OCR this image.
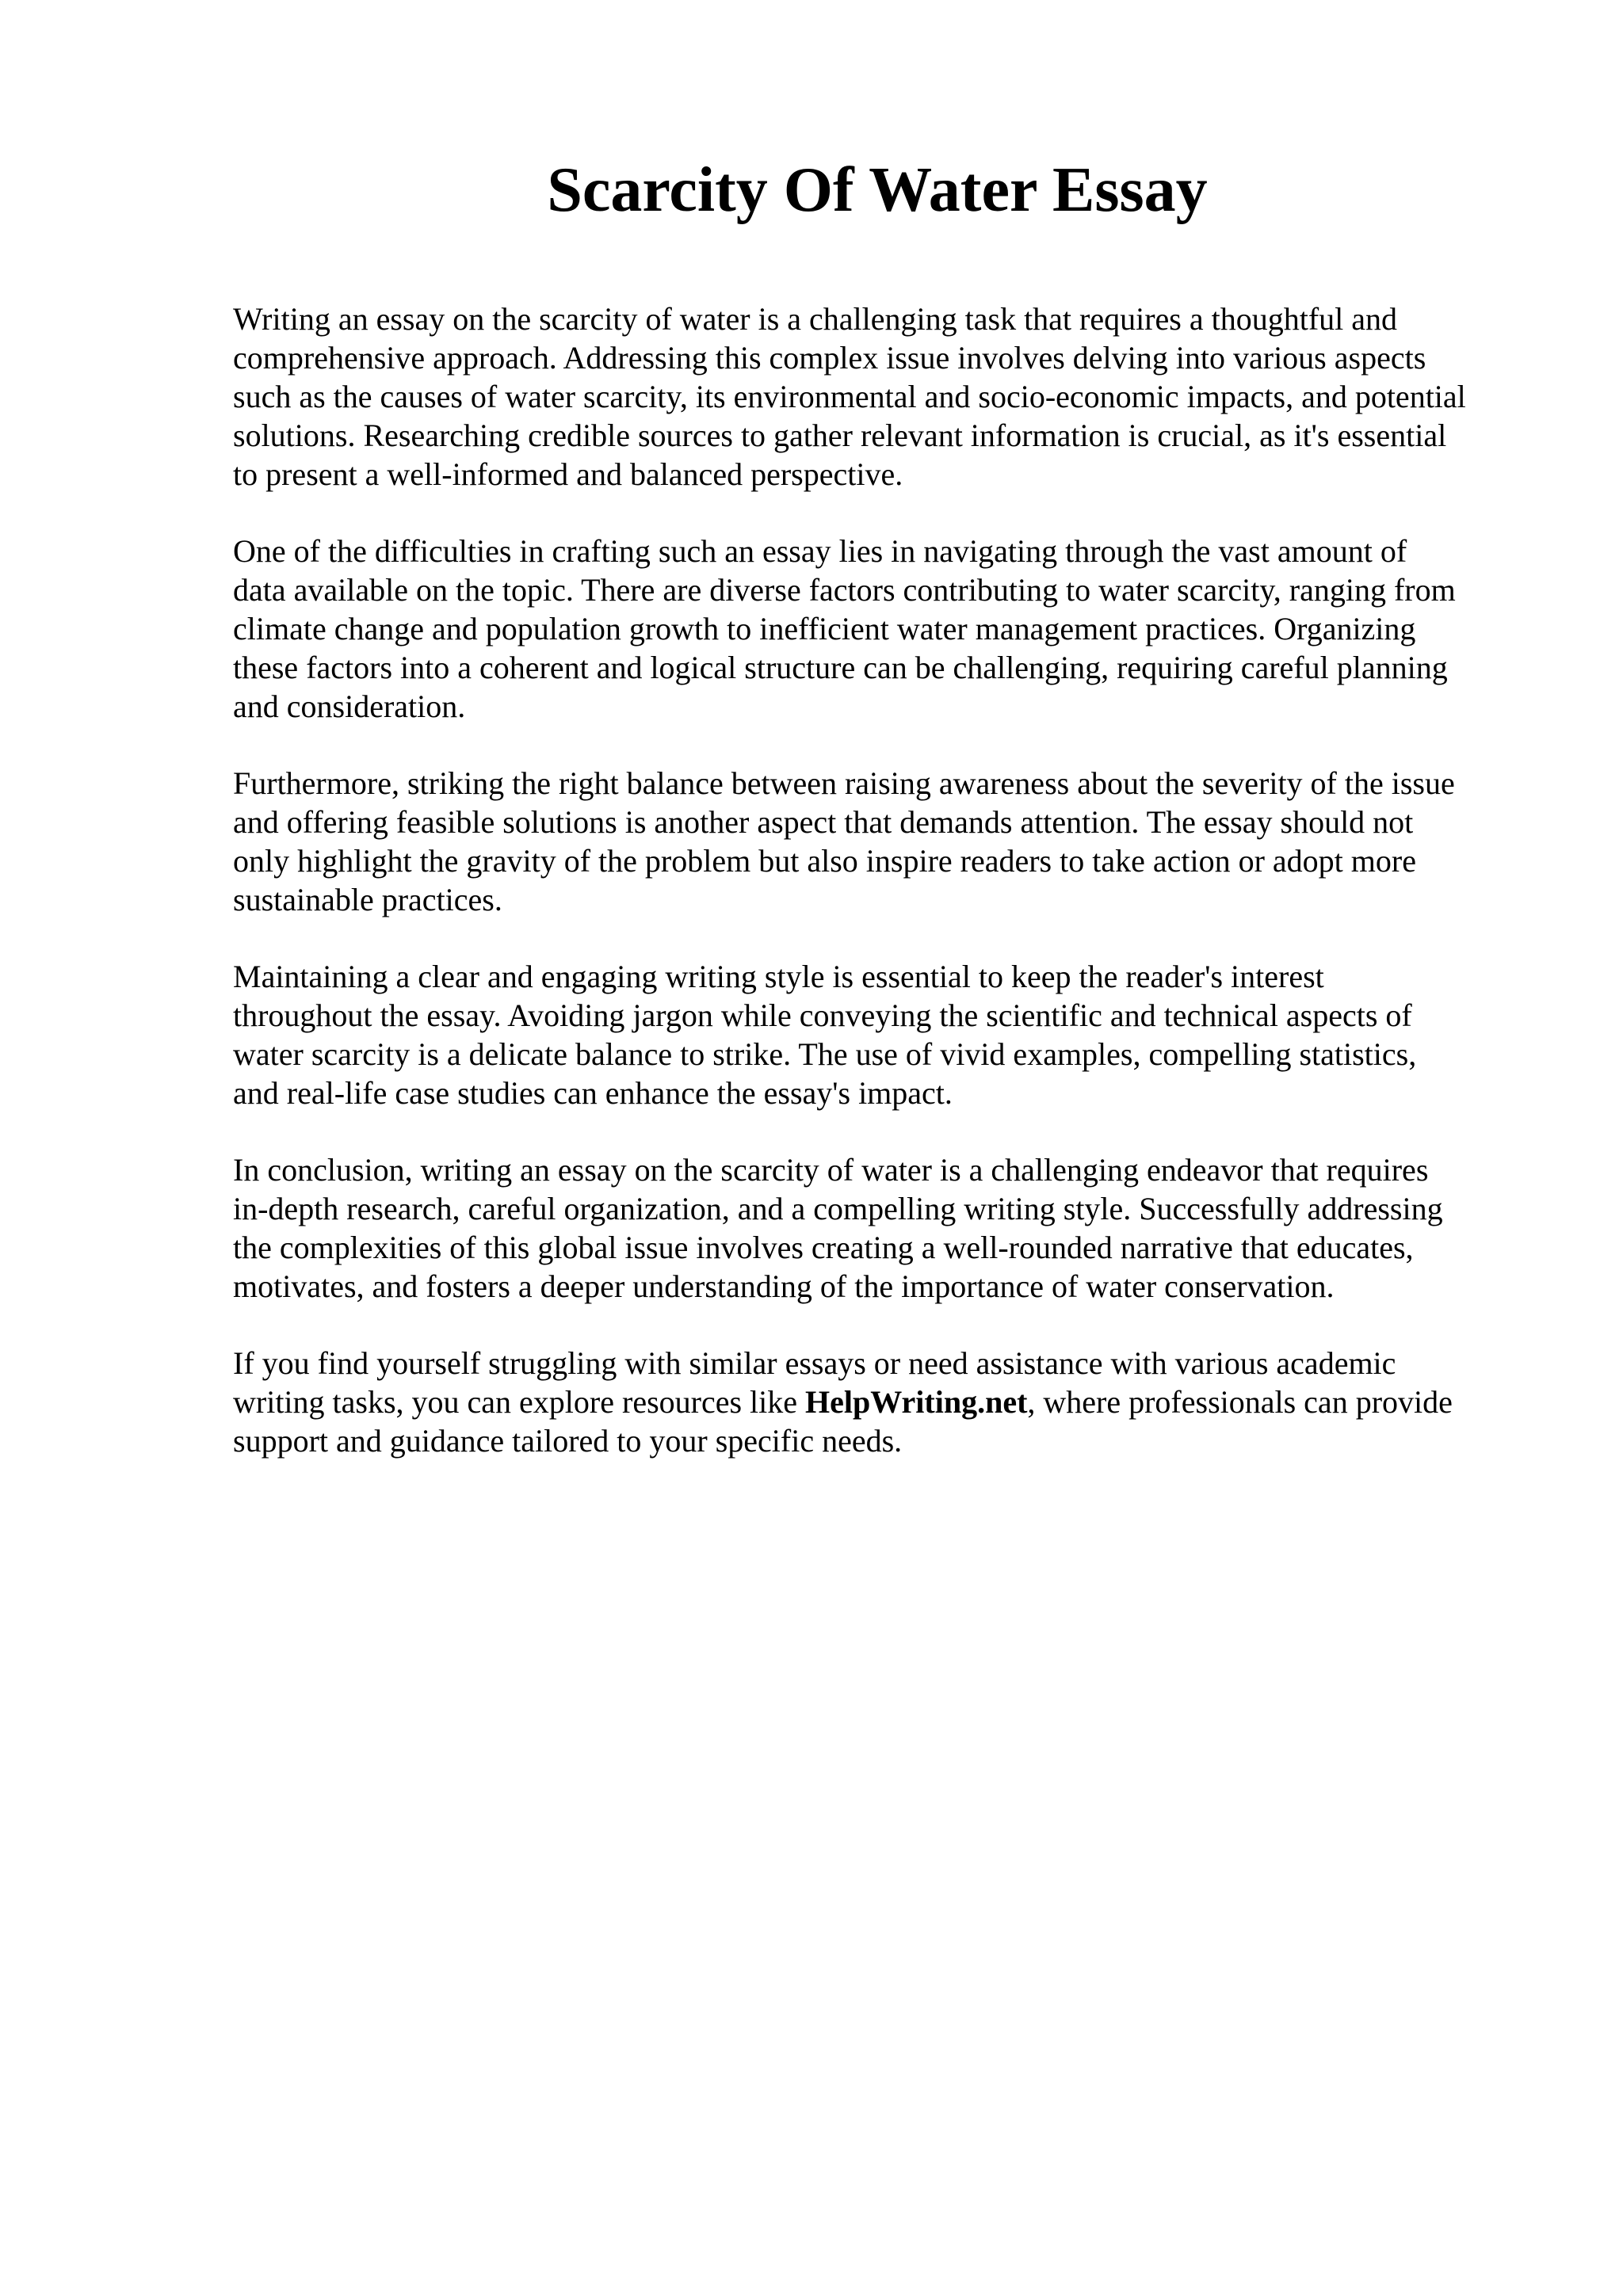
Scarcity Of Water Essay

Writing an essay on the scarcity of water is a challenging task that requires a thoughtful and
comprehensive approach. Addressing this complex issue involves delving into various aspects
such as the causes of water scarcity, its environmental and socio-economic impacts, and potential
solutions. Researching credible sources to gather relevant information is crucial, as it's essential
to present a well-informed and balanced perspective.

One of the difficulties in crafting such an essay lies in navigating through the vast amount of
data available on the topic. There are diverse factors contributing to water scarcity, ranging from
climate change and population growth to inefficient water management practices. Organizing
these factors into a coherent and logical structure can be challenging, requiring careful planning
and consideration.

Furthermore, striking the right balance between raising awareness about the severity of the issue
and offering feasible solutions is another aspect that demands attention. The essay should not
only highlight the gravity of the problem but also inspire readers to take action or adopt more
sustainable practices.

Maintaining a clear and engaging writing style is essential to keep the reader's interest
throughout the essay. Avoiding jargon while conveying the scientific and technical aspects of
water scarcity is a delicate balance to strike. The use of vivid examples, compelling statistics,
and real-life case studies can enhance the essay's impact.

In conclusion, writing an essay on the scarcity of water is a challenging endeavor that requires
in-depth research, careful organization, and a compelling writing style. Successfully addressing
the complexities of this global issue involves creating a well-rounded narrative that educates,
motivates, and fosters a deeper understanding of the importance of water conservation.

If you find yourself struggling with similar essays or need assistance with various academic
writing tasks, you can explore resources like HelpWriting.net, where professionals can provide
support and guidance tailored to your specific needs.
